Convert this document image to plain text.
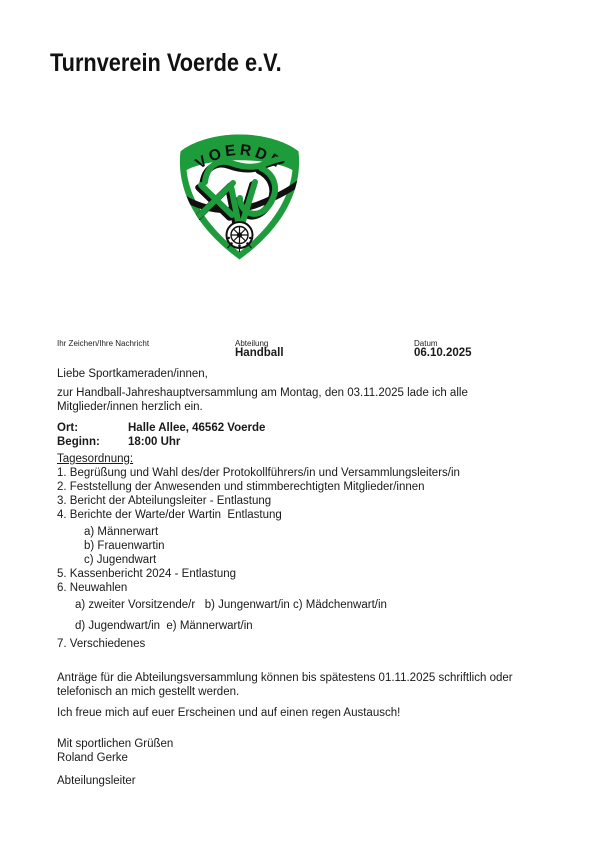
Turnverein Voerde e.V.
VOERDE
Ihr Zeichen/Ihre Nachricht	Abteilung
Handball
Datum
06.10.2025
Liebe Sportkameraden/innen,
zur Handball-Jahreshauptversammlung am Montag, den 03.11.2025 lade ich alle
Mitglieder/innen herzlich ein.
Ort:	Halle Allee, 46562 Voerde
Beginn: 18:00 Uhr
Tagesordnung:
1. Begrüßung und Wahl des/der Protokollführers/in und Versammlungsleiters/in
2. Feststellung der Anwesenden und stimmberechtigten Mitglieder/innen
3. Bericht der Abteilungsleiter - Entlastung
4. Berichte der Warte/der Wartin  Entlastung
a) Männerwart
b) Frauenwartin
c) Jugendwart
5. Kassenbericht 2024 - Entlastung
6. Neuwahlen
a) zweiter Vorsitzende/r   b) Jungenwart/in c) Mädchenwart/in
d) Jugendwart/in  e) Männerwart/in
7. Verschiedenes
Anträge für die Abteilungsversammlung können bis spätestens 01.11.2025 schriftlich oder
telefonisch an mich gestellt werden.
Ich freue mich auf euer Erscheinen und auf einen regen Austausch!
Mit sportlichen Grüßen
Roland Gerke
Abteilungsleiter
